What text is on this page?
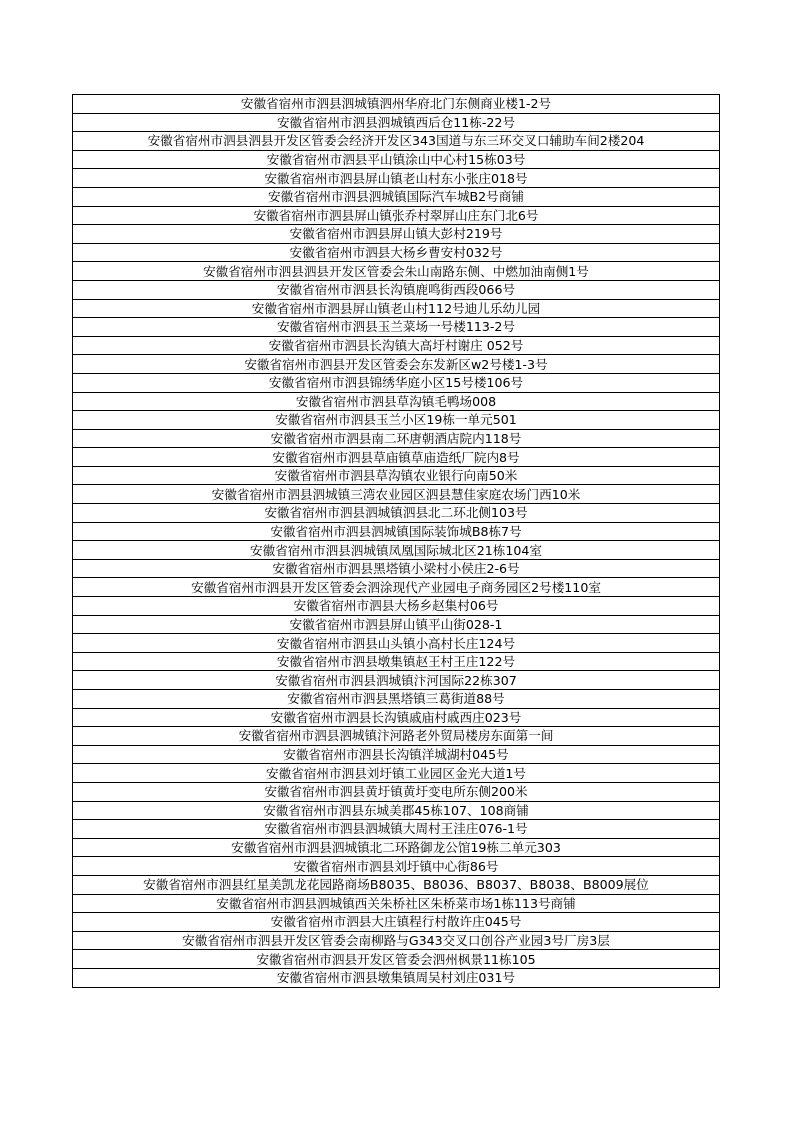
安徽省宿州市泗县泗城镇泗州华府北门东侧商业楼1-2号
安徽省宿州市泗县泗城镇西后仓11栋-22号
安徽省宿州市泗县泗县开发区管委会经济开发区343国道与东三环交叉口辅助车间2楼204
安徽省宿州市泗县平山镇涂山中心村15栋03号
安徽省宿州市泗县屏山镇老山村东小张庄018号
安徽省宿州市泗县泗城镇国际汽车城B2号商铺
安徽省宿州市泗县屏山镇张乔村翠屏山庄东门北6号
安徽省宿州市泗县屏山镇大彭村219号
安徽省宿州市泗县大杨乡曹安村032号
安徽省宿州市泗县泗县开发区管委会朱山南路东侧、中燃加油南侧1号
安徽省宿州市泗县长沟镇鹿鸣街西段066号
安徽省宿州市泗县屏山镇老山村112号迪儿乐幼儿园
安徽省宿州市泗县玉兰菜场一号楼113-2号
安徽省宿州市泗县长沟镇大高圩村谢庄 052号
安徽省宿州市泗县开发区管委会东发新区w2号楼1-3号
安徽省宿州市泗县锦绣华庭小区15号楼106号
安徽省宿州市泗县草沟镇毛鸭场008
安徽省宿州市泗县玉兰小区19栋一单元501
安徽省宿州市泗县南二环唐朝酒店院内118号
安徽省宿州市泗县草庙镇草庙造纸厂院内8号
安徽省宿州市泗县草沟镇农业银行向南50米
安徽省宿州市泗县泗城镇三湾农业园区泗县慧佳家庭农场门西10米
安徽省宿州市泗县泗城镇泗县北二环北侧103号
安徽省宿州市泗县泗城镇国际装饰城B8栋7号
安徽省宿州市泗县泗城镇凤凰国际城北区21栋104室
安徽省宿州市泗县黑塔镇小梁村小侯庄2-6号
安徽省宿州市泗县开发区管委会泗涂现代产业园电子商务园区2号楼110室
安徽省宿州市泗县大杨乡赵集村06号
安徽省宿州市泗县屏山镇平山街028-1
安徽省宿州市泗县山头镇小高村长庄124号
安徽省宿州市泗县墩集镇赵王村王庄122号
安徽省宿州市泗县泗城镇汴河国际22栋307
安徽省宿州市泗县黑塔镇三葛街道88号
安徽省宿州市泗县长沟镇戚庙村戚西庄023号
安徽省宿州市泗县泗城镇汴河路老外贸局楼房东面第一间
安徽省宿州市泗县长沟镇洋城湖村045号
安徽省宿州市泗县刘圩镇工业园区金光大道1号
安徽省宿州市泗县黄圩镇黄圩变电所东侧200米
安徽省宿州市泗县东城美郡45栋107、108商铺
安徽省宿州市泗县泗城镇大周村王洼庄076-1号
安徽省宿州市泗县泗城镇北二环路御龙公馆19栋二单元303
安徽省宿州市泗县刘圩镇中心街86号
安徽省宿州市泗县红星美凯龙花园路商场B8035、B8036、B8037、B8038、B8009展位
安徽省宿州市泗县泗城镇西关朱桥社区朱桥菜市场1栋113号商铺
安徽省宿州市泗县大庄镇程行村散许庄045号
安徽省宿州市泗县开发区管委会南柳路与G343交叉口创谷产业园3号厂房3层
安徽省宿州市泗县开发区管委会泗州枫景11栋105
安徽省宿州市泗县墩集镇周吴村刘庄031号
